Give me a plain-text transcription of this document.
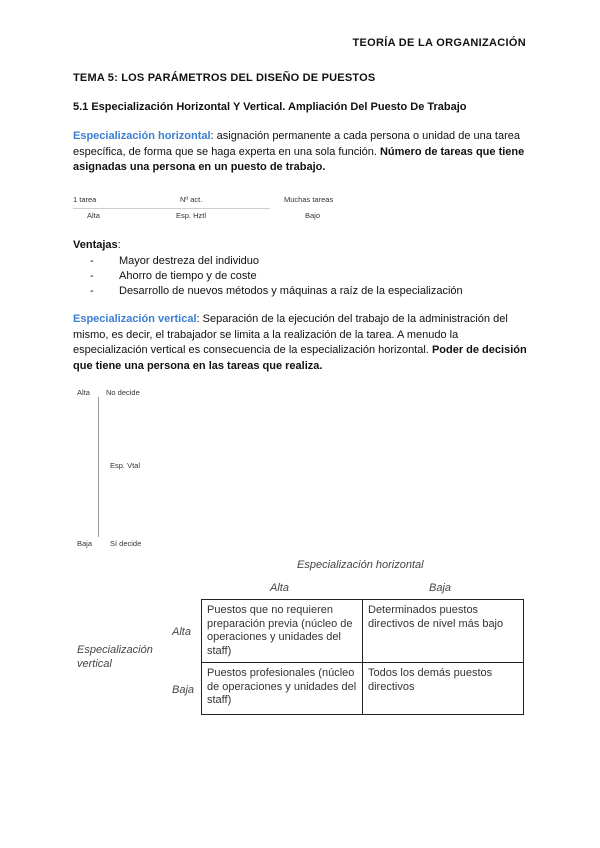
TEORÍA DE LA ORGANIZACIÓN
TEMA 5: LOS PARÁMETROS DEL DISEÑO DE PUESTOS
5.1 Especialización Horizontal Y Vertical. Ampliación Del Puesto De Trabajo
Especialización horizontal: asignación permanente a cada persona o unidad de una tarea específica, de forma que se haga experta en una sola función. Número de tareas que tiene asignadas una persona en un puesto de trabajo.
1 tarea	Nº act.	Muchas tareas
Alta	Esp. Hztl	Bajo
Ventajas:
- Mayor destreza del individuo
- Ahorro de tiempo y de coste
- Desarrollo de nuevos métodos y máquinas a raíz de la especialización
Especialización vertical: Separación de la ejecución del trabajo de la administración del mismo, es decir, el trabajador se limita a la realización de la tarea. A menudo la especialización vertical es consecuencia de la especialización horizontal. Poder de decisión que tiene una persona en las tareas que realiza.
Alta No decide
Esp. Vtal
Baja Sí decide
Especialización horizontal
Alta	Baja
Especialización vertical
Alta
Baja
Puestos que no requieren preparación previa (núcleo de operaciones y unidades del staff)	Determinados puestos directivos de nivel más bajo
Puestos profesionales (núcleo de operaciones y unidades del staff)	Todos los demás puestos directivos
